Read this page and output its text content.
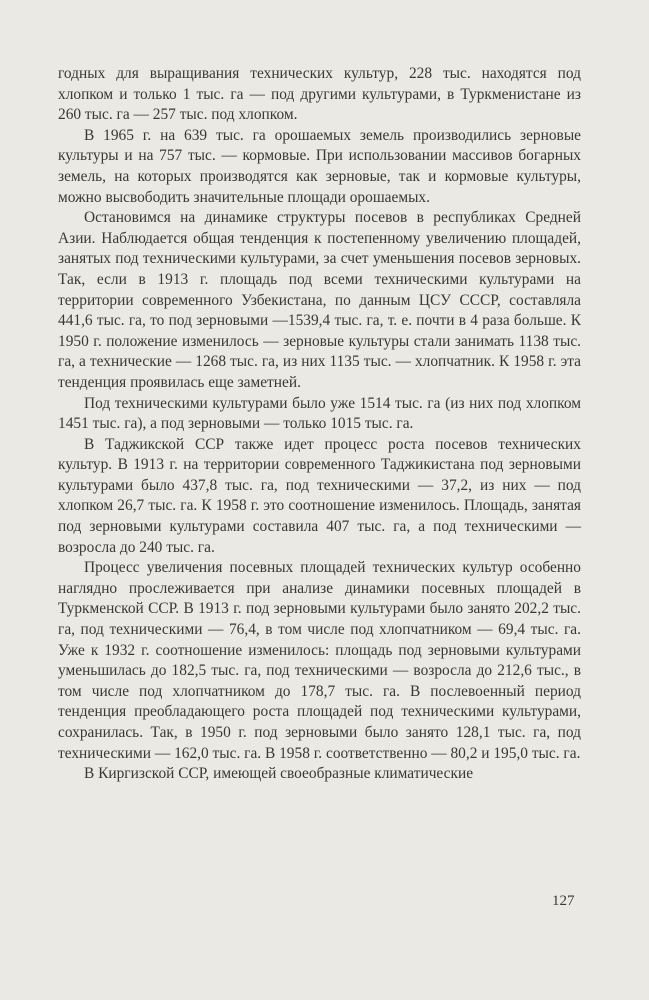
годных для выращивания технических культур, 228 тыс. находятся под хлопком и только 1 тыс. га — под другими культурами, в Туркменистане из 260 тыс. га — 257 тыс. под хлопком.

В 1965 г. на 639 тыс. га орошаемых земель производились зерновые культуры и на 757 тыс. — кормовые. При использовании массивов богарных земель, на которых производятся как зерновые, так и кормовые культуры, можно высвободить значительные площади орошаемых.

Остановимся на динамике структуры посевов в республиках Средней Азии. Наблюдается общая тенденция к постепенному увеличению площадей, занятых под техническими культурами, за счет уменьшения посевов зерновых. Так, если в 1913 г. площадь под всеми техническими культурами на территории современного Узбекистана, по данным ЦСУ СССР, составляла 441,6 тыс. га, то под зерновыми —1539,4 тыс. га, т. е. почти в 4 раза больше. К 1950 г. положение изменилось — зерновые культуры стали занимать 1138 тыс. га, а технические — 1268 тыс. га, из них 1135 тыс. — хлопчатник. К 1958 г. эта тенденция проявилась еще заметней.

Под техническими культурами было уже 1514 тыс. га (из них под хлопком 1451 тыс. га), а под зерновыми — только 1015 тыс. га.

В Таджикской ССР также идет процесс роста посевов технических культур. В 1913 г. на территории современного Таджикистана под зерновыми культурами было 437,8 тыс. га, под техническими — 37,2, из них — под хлопком 26,7 тыс. га. К 1958 г. это соотношение изменилось. Площадь, занятая под зерновыми культурами составила 407 тыс. га, а под техническими — возросла до 240 тыс. га.

Процесс увеличения посевных площадей технических культур особенно наглядно прослеживается при анализе динамики посевных площадей в Туркменской ССР. В 1913 г. под зерновыми культурами было занято 202,2 тыс. га, под техническими — 76,4, в том числе под хлопчатником — 69,4 тыс. га. Уже к 1932 г. соотношение изменилось: площадь под зерновыми культурами уменьшилась до 182,5 тыс. га, под техническими — возросла до 212,6 тыс., в том числе под хлопчатником до 178,7 тыс. га. В послевоенный период тенденция преобладающего роста площадей под техническими культурами, сохранилась. Так, в 1950 г. под зерновыми было занято 128,1 тыс. га, под техническими — 162,0 тыс. га. В 1958 г. соответственно — 80,2 и 195,0 тыс. га.

В Киргизской ССР, имеющей своеобразные климатические

127
